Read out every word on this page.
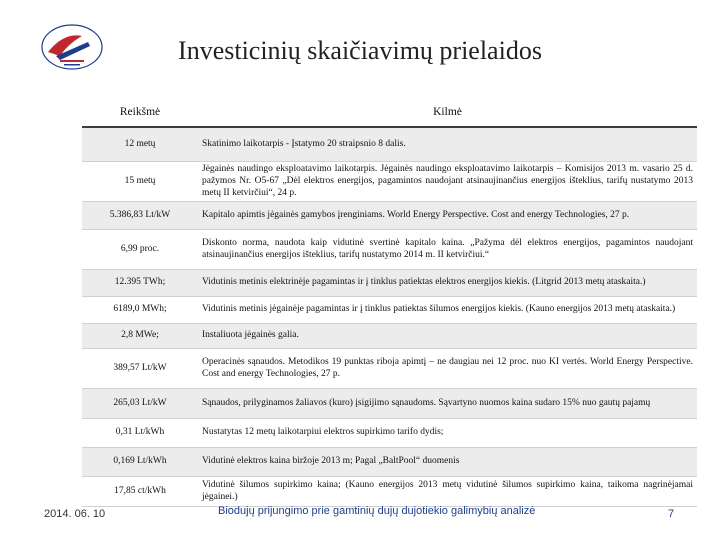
Investicinių skaičiavimų prielaidos
Reikšmė	Kilmė
12 metų	Skatinimo laikotarpis - Įstatymo 20 straipsnio 8 dalis.
15 metų	Jėgainės naudingo eksploatavimo laikotarpis. Jėgainės naudingo eksploatavimo laikotarpis – Komisijos 2013 m. vasario 25 d. pažymos Nr. O5-67 „Dėl elektros energijos, pagamintos naudojant atsinaujinančius energijos išteklius, tarifų nustatymo 2013 metų II ketvirčiui“, 24 p.
5.386,83 Lt/kW	Kapitalo apimtis jėgainės gamybos įrenginiams. World Energy Perspective. Cost and energy Technologies, 27 p.
6,99 proc.	Diskonto norma, naudota kaip vidutinė svertinė kapitalo kaina. „Pažyma dėl elektros energijos, pagamintos naudojant atsinaujinančius energijos išteklius, tarifų nustatymo 2014 m. II ketvirčiui.“
12.395 TWh;	Vidutinis metinis elektrinėje pagamintas ir į tinklus patiektas elektros energijos kiekis. (Litgrid 2013 metų ataskaita.)
6189,0 MWh;	Vidutinis metinis jėgainėje pagamintas ir į tinklus patiektas šilumos energijos kiekis. (Kauno energijos 2013 metų ataskaita.)
2,8 MWe;	Instaliuota jėgainės galia.
389,57 Lt/kW	Operacinės sąnaudos. Metodikos 19 punktas riboja apimtį – ne daugiau nei 12 proc. nuo KI vertės. World Energy Perspective. Cost and energy Technologies, 27 p.
265,03 Lt/kW	Sąnaudos, prilyginamos žaliavos (kuro) įsigijimo sąnaudoms. Sąvartyno nuomos kaina sudaro 15% nuo gautų pajamų
0,31 Lt/kWh	Nustatytas 12 metų laikotarpiui elektros supirkimo tarifo dydis;
0,169 Lt/kWh	Vidutinė elektros kaina biržoje 2013 m; Pagal „BaltPool“ duomenis
17,85 ct/kWh	Vidutinė šilumos supirkimo kaina; (Kauno energijos 2013 metų vidutinė šilumos supirkimo kaina, taikoma nagrinėjamai jėgainei.)
2014. 06. 10	Biodujų prijungimo prie gamtinių dujų dujotiekio galimybių analizė	7
